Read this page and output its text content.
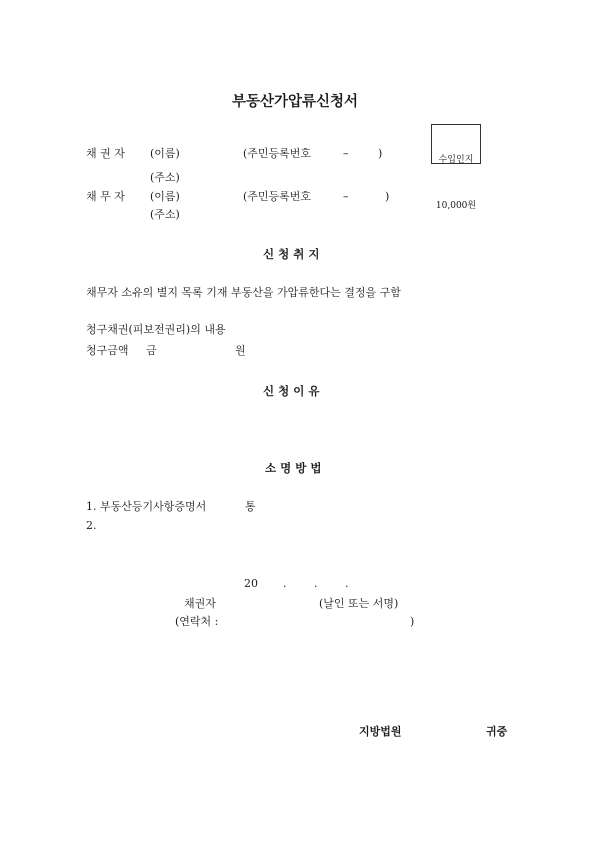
부동산가압류신청서

수입인지

10,000원

채 권 자 (이름)	(주민등록번호	–	)
(주소)
채 무 자 (이름)	(주민등록번호	–	)
(주소)
신 청 취 지
채무자 소유의 별지 목록 기재 부동산을 가압류한다는 결정을 구함
청구채권(피보전권리)의 내용
청구금액 금	원
신 청 이 유
소 명 방 법
1. 부동산등기사항증명서	통
2.
20 .	.	.
채권자	(날인 또는 서명)
(연락처 :	)
지방법원	귀중
